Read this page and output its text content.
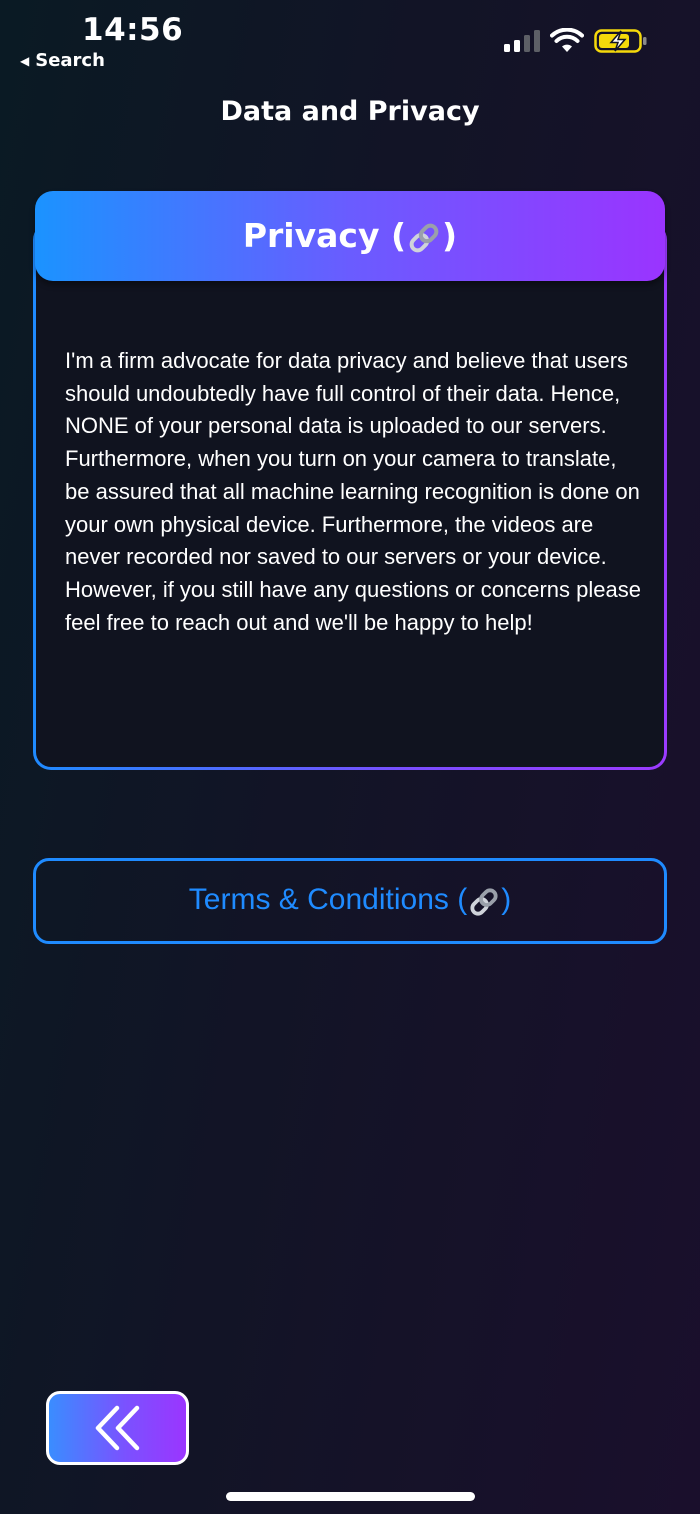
14:56
◀ Search
Data and Privacy
Privacy ( )
I'm a firm advocate for data privacy and believe that users should undoubtedly have full control of their data. Hence, NONE of your personal data is uploaded to our servers. Furthermore, when you turn on your camera to translate, be assured that all machine learning recognition is done on your own physical device. Furthermore, the videos are never recorded nor saved to our servers or your device. However, if you still have any questions or concerns please feel free to reach out and we'll be happy to help!
Terms & Conditions ( )
